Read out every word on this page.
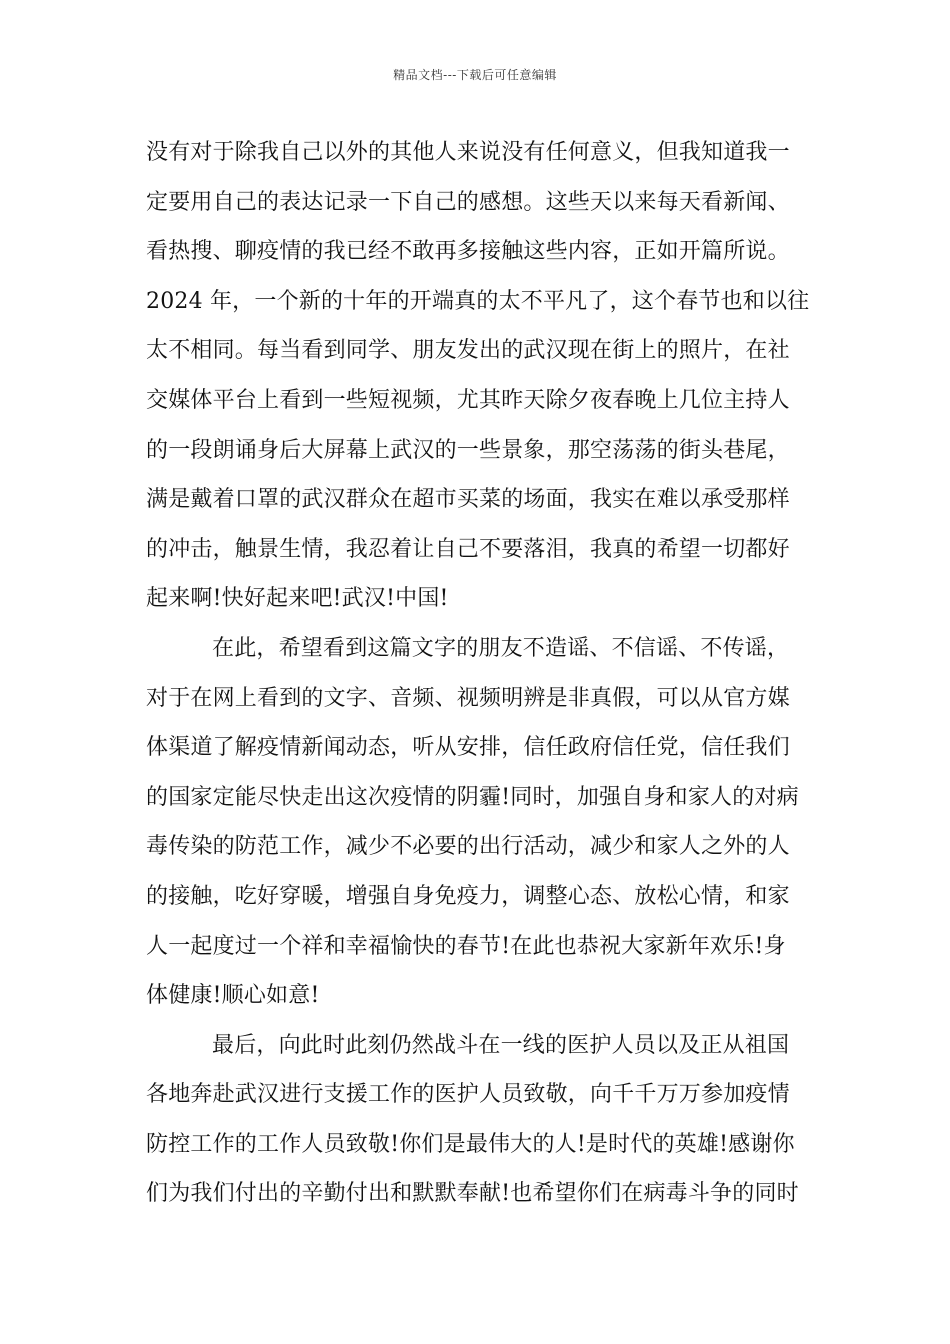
精品文档---下载后可任意编辑
没有对于除我自己以外的其他人来说没有任何意义，但我知道我一
定要用自己的表达记录一下自己的感想。这些天以来每天看新闻、
看热搜、聊疫情的我已经不敢再多接触这些内容，正如开篇所说。
2024 年，一个新的十年的开端真的太不平凡了，这个春节也和以往
太不相同。每当看到同学、朋友发出的武汉现在街上的照片，在社
交媒体平台上看到一些短视频，尤其昨天除夕夜春晚上几位主持人
的一段朗诵身后大屏幕上武汉的一些景象，那空荡荡的街头巷尾，
满是戴着口罩的武汉群众在超市买菜的场面，我实在难以承受那样
的冲击，触景生情，我忍着让自己不要落泪，我真的希望一切都好
起来啊!快好起来吧!武汉!中国!
在此，希望看到这篇文字的朋友不造谣、不信谣、不传谣，
对于在网上看到的文字、音频、视频明辨是非真假，可以从官方媒
体渠道了解疫情新闻动态，听从安排，信任政府信任党，信任我们
的国家定能尽快走出这次疫情的阴霾!同时，加强自身和家人的对病
毒传染的防范工作，减少不必要的出行活动，减少和家人之外的人
的接触，吃好穿暖，增强自身免疫力，调整心态、放松心情，和家
人一起度过一个祥和幸福愉快的春节!在此也恭祝大家新年欢乐!身
体健康!顺心如意!
最后，向此时此刻仍然战斗在一线的医护人员以及正从祖国
各地奔赴武汉进行支援工作的医护人员致敬，向千千万万参加疫情
防控工作的工作人员致敬!你们是最伟大的人!是时代的英雄!感谢你
们为我们付出的辛勤付出和默默奉献!也希望你们在病毒斗争的同时
